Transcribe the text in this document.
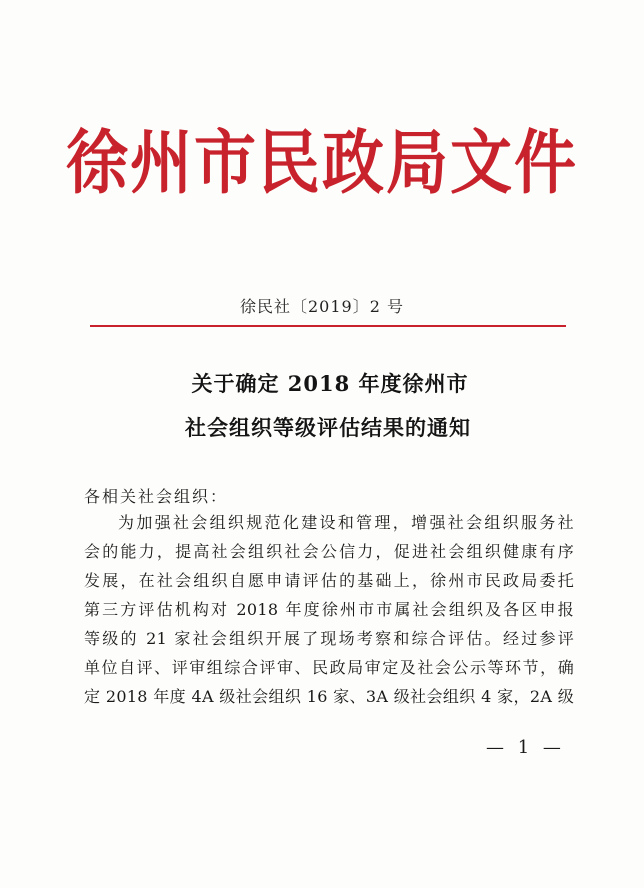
徐州市民政局文件
徐民社〔2019〕2 号
关于确定 2018 年度徐州市
社会组织等级评估结果的通知
各相关社会组织：
为加强社会组织规范化建设和管理，增强社会组织服务社
会的能力，提高社会组织社会公信力，促进社会组织健康有序
发展，在社会组织自愿申请评估的基础上，徐州市民政局委托
第三方评估机构对 2018 年度徐州市市属社会组织及各区申报
等级的 21 家社会组织开展了现场考察和综合评估。经过参评
单位自评、评审组综合评审、民政局审定及社会公示等环节，确
定 2018 年度 4A 级社会组织 16 家、3A 级社会组织 4 家，2A 级
— 1 —
